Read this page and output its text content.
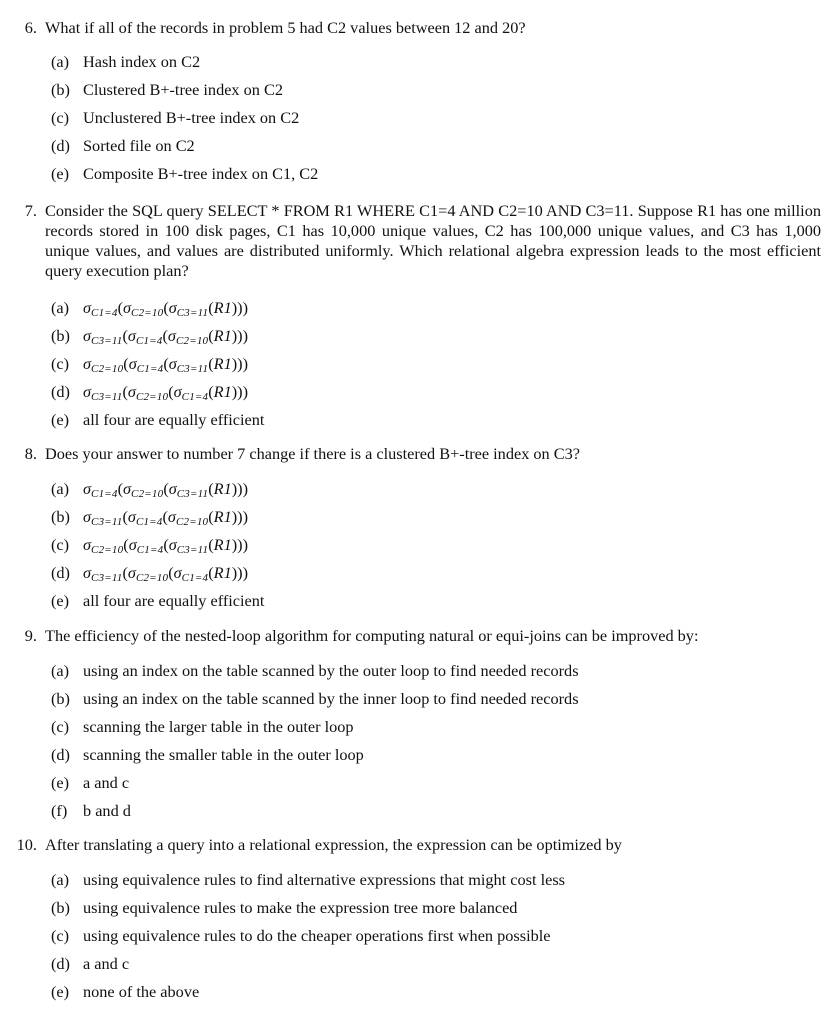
6. What if all of the records in problem 5 had C2 values between 12 and 20?
(a) Hash index on C2
(b) Clustered B+-tree index on C2
(c) Unclustered B+-tree index on C2
(d) Sorted file on C2
(e) Composite B+-tree index on C1, C2
7. Consider the SQL query SELECT * FROM R1 WHERE C1=4 AND C2=10 AND C3=11. Suppose R1 has one million records stored in 100 disk pages, C1 has 10,000 unique values, C2 has 100,000 unique values, and C3 has 1,000 unique values, and values are distributed uniformly. Which relational algebra expression leads to the most efficient query execution plan?
(a) σC1=4(σC2=10(σC3=11(R1)))
(b) σC3=11(σC1=4(σC2=10(R1)))
(c) σC2=10(σC1=4(σC3=11(R1)))
(d) σC3=11(σC2=10(σC1=4(R1)))
(e) all four are equally efficient
8. Does your answer to number 7 change if there is a clustered B+-tree index on C3?
(a) σC1=4(σC2=10(σC3=11(R1)))
(b) σC3=11(σC1=4(σC2=10(R1)))
(c) σC2=10(σC1=4(σC3=11(R1)))
(d) σC3=11(σC2=10(σC1=4(R1)))
(e) all four are equally efficient
9. The efficiency of the nested-loop algorithm for computing natural or equi-joins can be improved by:
(a) using an index on the table scanned by the outer loop to find needed records
(b) using an index on the table scanned by the inner loop to find needed records
(c) scanning the larger table in the outer loop
(d) scanning the smaller table in the outer loop
(e) a and c
(f) b and d
10. After translating a query into a relational expression, the expression can be optimized by
(a) using equivalence rules to find alternative expressions that might cost less
(b) using equivalence rules to make the expression tree more balanced
(c) using equivalence rules to do the cheaper operations first when possible
(d) a and c
(e) none of the above
